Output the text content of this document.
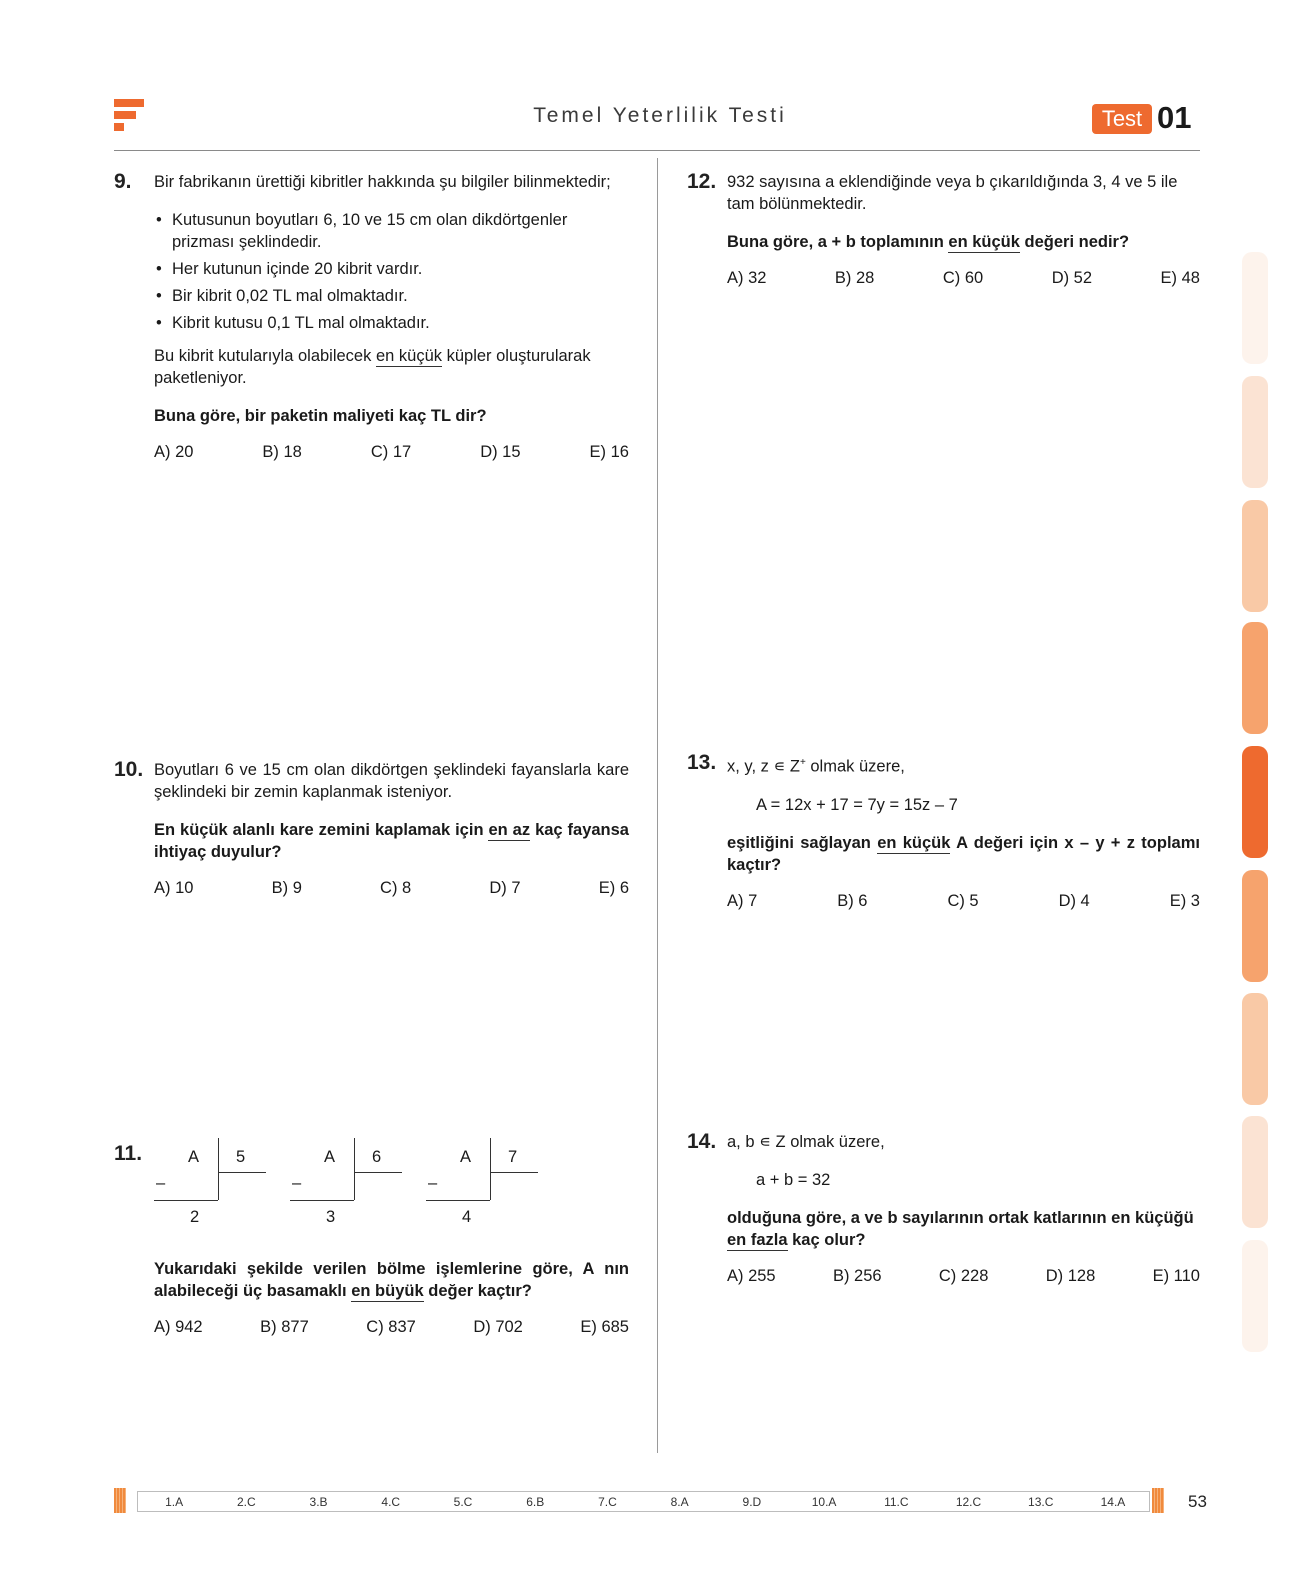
Temel Yeterlilik Testi	Test 01
9. Bir fabrikanın ürettiği kibritler hakkında şu bilgiler bilinmektedir;
• Kutusunun boyutları 6, 10 ve 15 cm olan dikdörtgenler prizması şeklindedir.
• Her kutunun içinde 20 kibrit vardır.
• Bir kibrit 0,02 TL mal olmaktadır.
• Kibrit kutusu 0,1 TL mal olmaktadır.
Bu kibrit kutularıyla olabilecek en küçük küpler oluşturularak paketleniyor.
Buna göre, bir paketin maliyeti kaç TL dir?
A) 20	B) 18	C) 17	D) 15	E) 16
10. Boyutları 6 ve 15 cm olan dikdörtgen şeklindeki fayanslarla kare şeklindeki bir zemin kaplanmak isteniyor.
En küçük alanlı kare zemini kaplamak için en az kaç fayansa ihtiyaç duyulur?
A) 10	B) 9	C) 8	D) 7	E) 6
11.	A 5
–
2
A 6
–
3
A 7
–
4
Yukarıdaki şekilde verilen bölme işlemlerine göre, A nın alabileceği üç basamaklı en büyük değer kaçtır?
A) 942	B) 877	C) 837	D) 702	E) 685
12. 932 sayısına a eklendiğinde veya b çıkarıldığında 3, 4 ve 5 ile tam bölünmektedir.
Buna göre, a + b toplamının en küçük değeri nedir?
A) 32	B) 28	C) 60	D) 52	E) 48
13. x, y, z ∊ Z+ olmak üzere,
A = 12x + 17 = 7y = 15z – 7
eşitliğini sağlayan en küçük A değeri için x – y + z toplamı kaçtır?
A) 7	B) 6	C) 5	D) 4	E) 3
14. a, b ∊ Z olmak üzere,
a + b = 32
olduğuna göre, a ve b sayılarının ortak katlarının en küçüğü en fazla kaç olur?
A) 255	B) 256	C) 228	D) 128	E) 110
1.A	2.C	3.B	4.C	5.C	6.B	7.C	8.A	9.D	10.A	11.C	12.C	13.C	14.A	53
